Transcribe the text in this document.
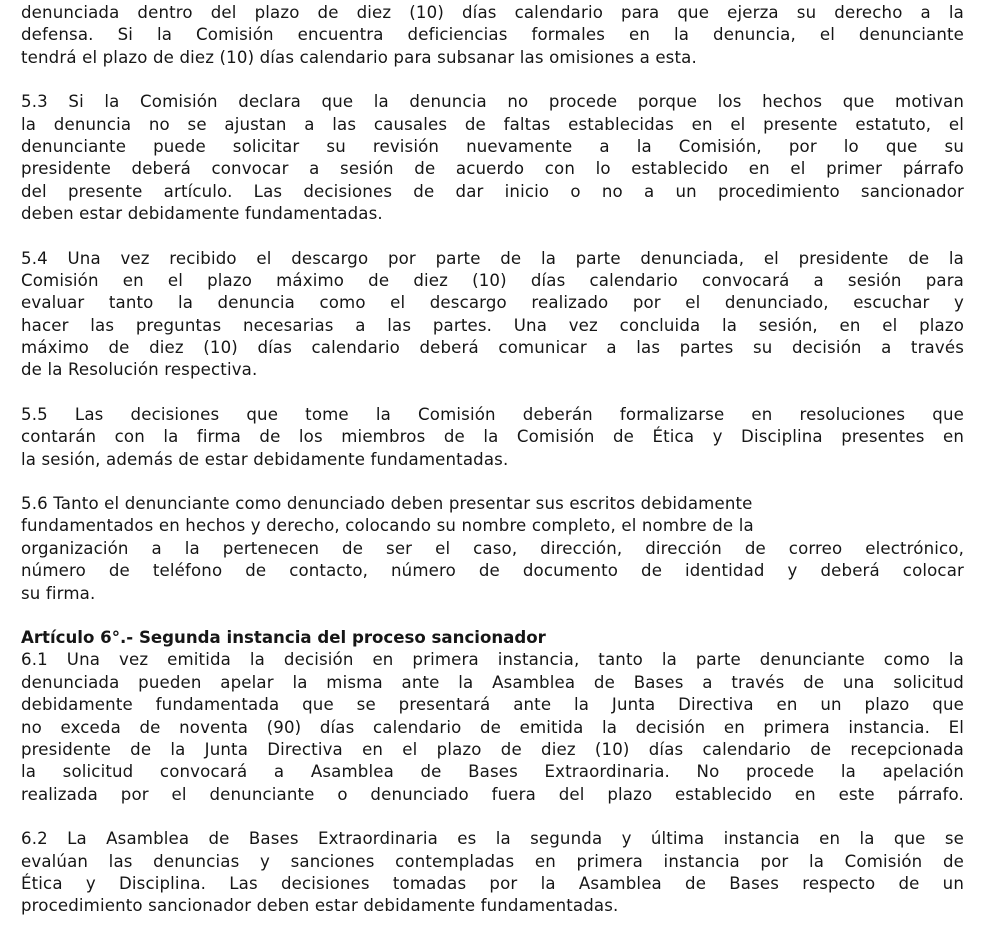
denunciada dentro del plazo de diez (10) días calendario para que ejerza su derecho a la
defensa. Si la Comisión encuentra deficiencias formales en la denuncia, el denunciante
tendrá el plazo de diez (10) días calendario para subsanar las omisiones a esta.
5.3 Si la Comisión declara que la denuncia no procede porque los hechos que motivan
la denuncia no se ajustan a las causales de faltas establecidas en el presente estatuto, el
denunciante puede solicitar su revisión nuevamente a la Comisión, por lo que su
presidente deberá convocar a sesión de acuerdo con lo establecido en el primer párrafo
del presente artículo. Las decisiones de dar inicio o no a un procedimiento sancionador
deben estar debidamente fundamentadas.
5.4 Una vez recibido el descargo por parte de la parte denunciada, el presidente de la
Comisión en el plazo máximo de diez (10) días calendario convocará a sesión para
evaluar tanto la denuncia como el descargo realizado por el denunciado, escuchar y
hacer las preguntas necesarias a las partes. Una vez concluida la sesión, en el plazo
máximo de diez (10) días calendario deberá comunicar a las partes su decisión a través
de la Resolución respectiva.
5.5 Las decisiones que tome la Comisión deberán formalizarse en resoluciones que
contarán con la firma de los miembros de la Comisión de Ética y Disciplina presentes en
la sesión, además de estar debidamente fundamentadas.
5.6 Tanto el denunciante como denunciado deben presentar sus escritos debidamente
fundamentados en hechos y derecho, colocando su nombre completo, el nombre de la
organización a la pertenecen de ser el caso, dirección, dirección de correo electrónico,
número de teléfono de contacto, número de documento de identidad y deberá colocar
su firma.
Artículo 6°.- Segunda instancia del proceso sancionador
6.1 Una vez emitida la decisión en primera instancia, tanto la parte denunciante como la
denunciada pueden apelar la misma ante la Asamblea de Bases a través de una solicitud
debidamente fundamentada que se presentará ante la Junta Directiva en un plazo que
no exceda de noventa (90) días calendario de emitida la decisión en primera instancia. El
presidente de la Junta Directiva en el plazo de diez (10) días calendario de recepcionada
la solicitud convocará a Asamblea de Bases Extraordinaria. No procede la apelación
realizada por el denunciante o denunciado fuera del plazo establecido en este párrafo.
6.2 La Asamblea de Bases Extraordinaria es la segunda y última instancia en la que se
evalúan las denuncias y sanciones contempladas en primera instancia por la Comisión de
Ética y Disciplina. Las decisiones tomadas por la Asamblea de Bases respecto de un
procedimiento sancionador deben estar debidamente fundamentadas.
